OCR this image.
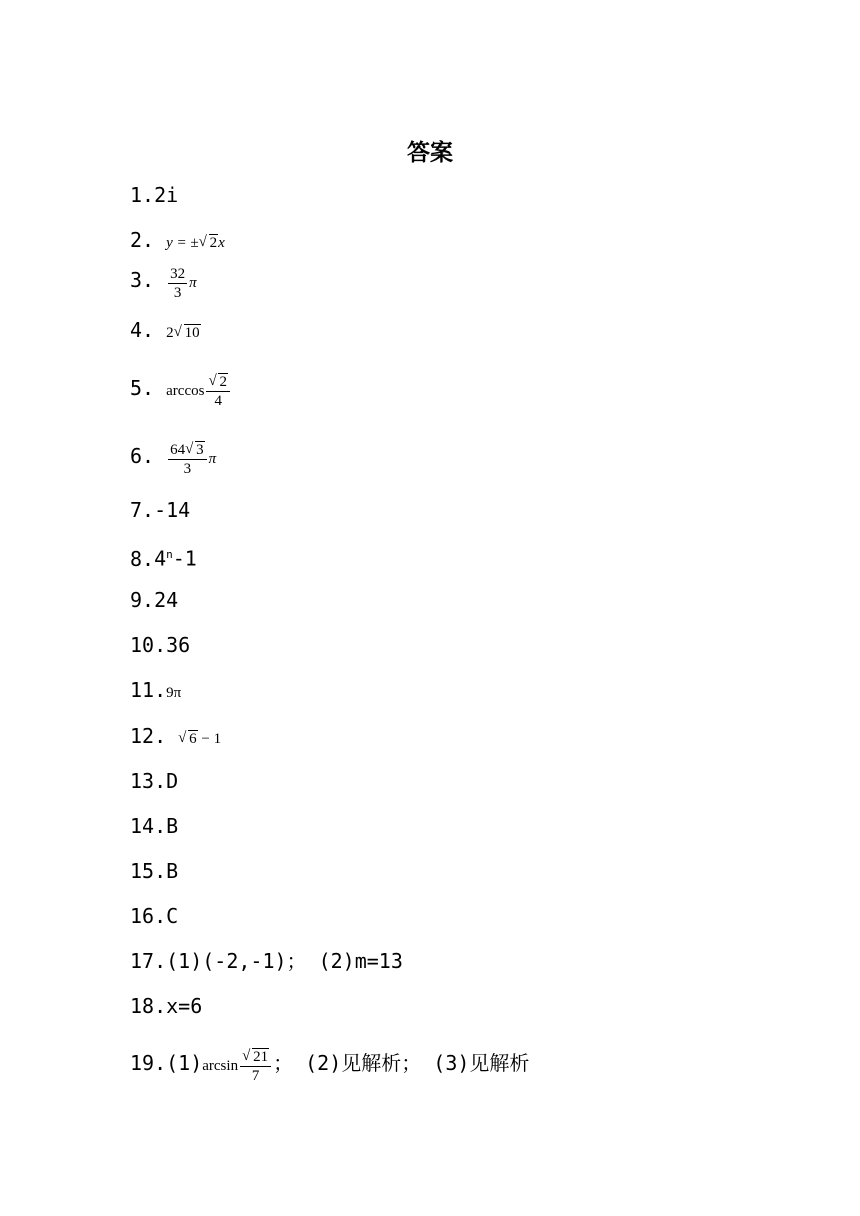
答案
1.2i
2. y = ± √ 2x
3. $\frac{32}{3}$ π
4. 2 √ 10
5. arccos √ $\frac{2}{4}$
6. $\frac{64 √ 3}{3}$ π
7.-14
8.4$^n$-1
9.24
10.36
11.9π
12. √ 6 − 1
13.D
14.B
15.B
16.C
17.(1)(-2,-1)； (2)m=13
18.x=6
19.(1)arcsin √ $\frac{21}{7}$ ； (2)见解析； (3)见解析
